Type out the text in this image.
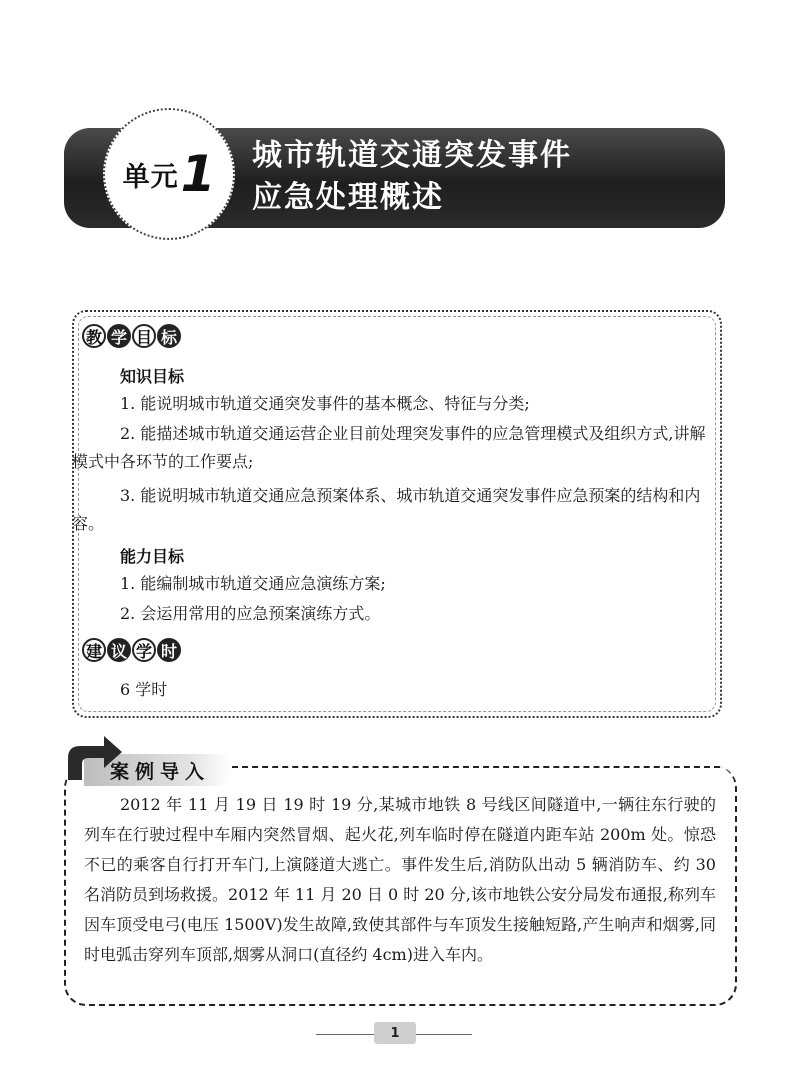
单元 1 城市轨道交通突发事件
应急处理概述
教 学 目 标
知识目标
1. 能说明城市轨道交通突发事件的基本概念、特征与分类;
2. 能描述城市轨道交通运营企业目前处理突发事件的应急管理模式及组织方式,讲解模式中各环节的工作要点;
3. 能说明城市轨道交通应急预案体系、城市轨道交通突发事件应急预案的结构和内容。
能力目标
1. 能编制城市轨道交通应急演练方案;
2. 会运用常用的应急预案演练方式。
建 议 学 时
6 学时
案例导入
2012 年 11 月 19 日 19 时 19 分,某城市地铁 8 号线区间隧道中,一辆往东行驶的列车在行驶过程中车厢内突然冒烟、起火花,列车临时停在隧道内距车站 200m 处。惊恐不已的乘客自行打开车门,上演隧道大逃亡。事件发生后,消防队出动 5 辆消防车、约 30 名消防员到场救援。2012 年 11 月 20 日 0 时 20 分,该市地铁公安分局发布通报,称列车因车顶受电弓(电压 1500V)发生故障,致使其部件与车顶发生接触短路,产生响声和烟雾,同时电弧击穿列车顶部,烟雾从洞口(直径约 4cm)进入车内。
1
